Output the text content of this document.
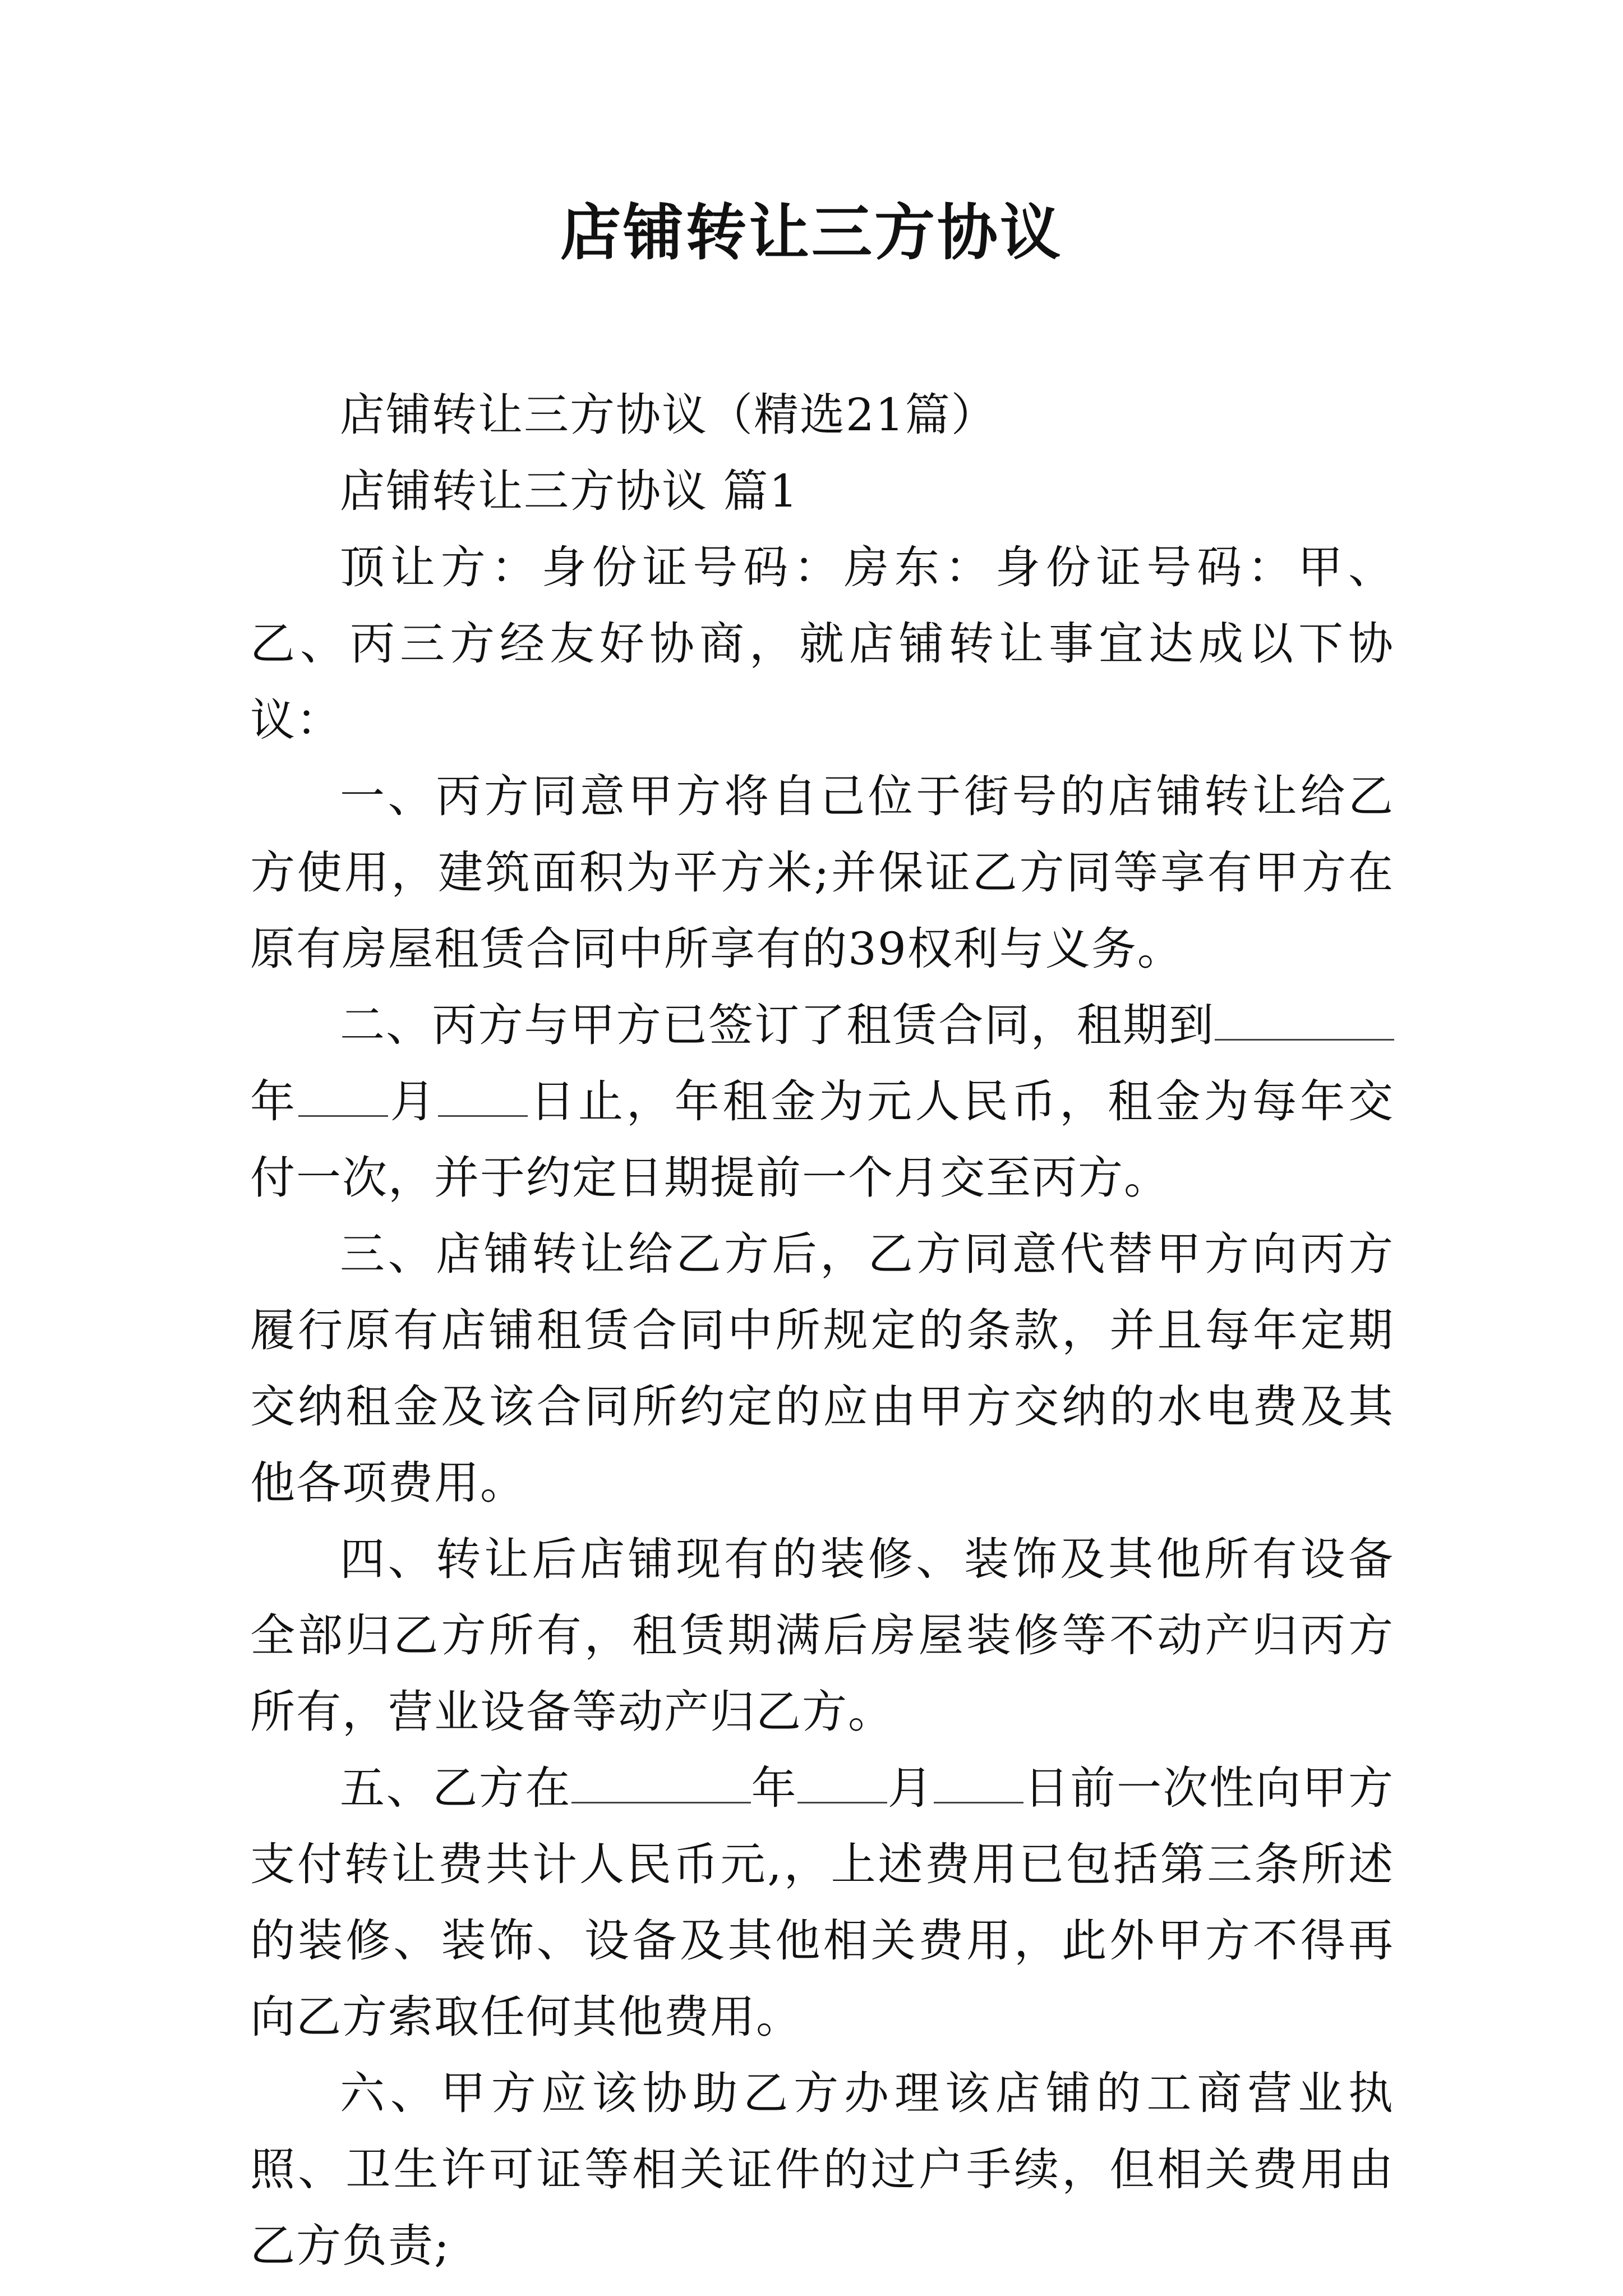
店铺转让三方协议

店铺转让三方协议（精选21篇）

店铺转让三方协议 篇1

顶让方：身份证号码：房东：身份证号码：甲、乙、丙三方经友好协商，就店铺转让事宜达成以下协议：

一、丙方同意甲方将自己位于街号的店铺转让给乙方使用，建筑面积为平方米;并保证乙方同等享有甲方在原有房屋租赁合同中所享有的39权利与义务。

二、丙方与甲方已签订了租赁合同，租期到年 月 日止，年租金为元人民币，租金为每年交付一次，并于约定日期提前一个月交至丙方。

三、店铺转让给乙方后，乙方同意代替甲方向丙方履行原有店铺租赁合同中所规定的条款，并且每年定期交纳租金及该合同所约定的应由甲方交纳的水电费及其他各项费用。

四、转让后店铺现有的装修、装饰及其他所有设备全部归乙方所有，租赁期满后房屋装修等不动产归丙方所有，营业设备等动产归乙方。

五、乙方在	年 月 日前一次性向甲方支付转让费共计人民币元,，上述费用已包括第三条所述的装修、装饰、设备及其他相关费用，此外甲方不得再向乙方索取任何其他费用。

六、甲方应该协助乙方办理该店铺的工商营业执照、卫生许可证等相关证件的过户手续，但相关费用由乙方负责;
